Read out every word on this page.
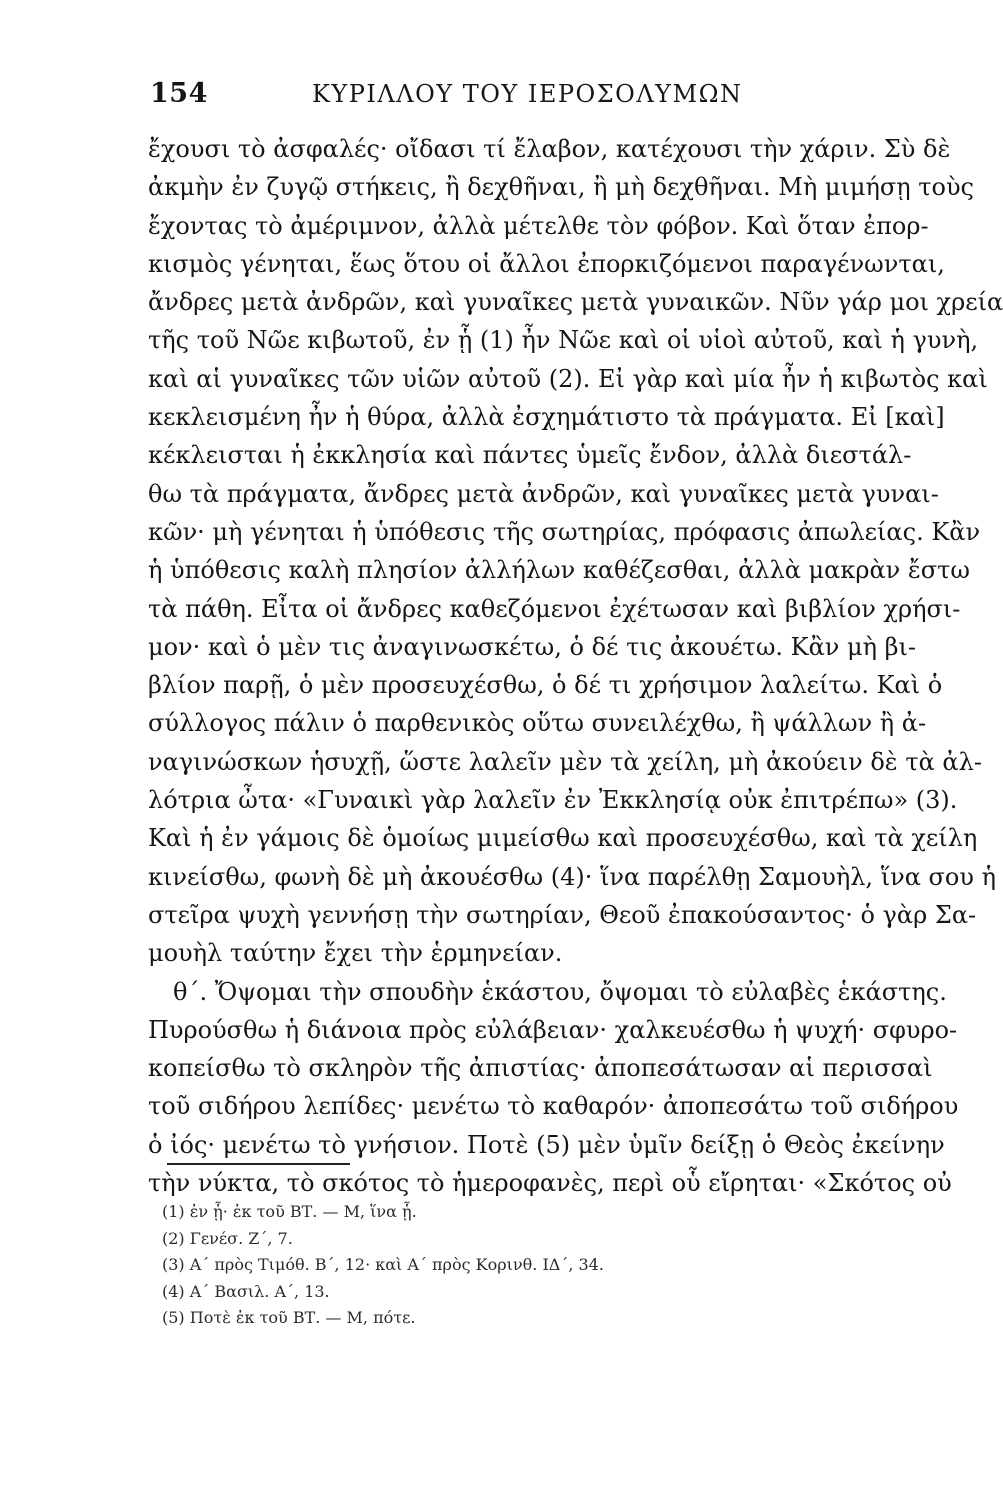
154	ΚΥΡΙΛΛΟΥ ΤΟΥ ΙΕΡΟΣΟΛΥΜΩΝ
ἔχουσι τὸ ἀσφαλές· οἴδασι τί ἔλαβον, κατέχουσι τὴν χάριν. Σὺ δὲ
ἀκμὴν ἐν ζυγῷ στήκεις, ἢ δεχθῆναι, ἢ μὴ δεχθῆναι. Μὴ μιμήσῃ τοὺς
ἔχοντας τὸ ἀμέριμνον, ἀλλὰ μέτελθε τὸν φόβον. Καὶ ὅταν ἐπορ-
κισμὸς γένηται, ἕως ὅτου οἱ ἄλλοι ἐπορκιζόμενοι παραγένωνται,
ἄνδρες μετὰ ἀνδρῶν, καὶ γυναῖκες μετὰ γυναικῶν. Νῦν γάρ μοι χρεία
τῆς τοῦ Νῶε κιβωτοῦ, ἐν ᾗ (1) ἦν Νῶε καὶ οἱ υἱοὶ αὐτοῦ, καὶ ἡ γυνὴ,
καὶ αἱ γυναῖκες τῶν υἱῶν αὐτοῦ (2). Εἰ γὰρ καὶ μία ἦν ἡ κιβωτὸς καὶ
κεκλεισμένη ἦν ἡ θύρα, ἀλλὰ ἐσχημάτιστο τὰ πράγματα. Εἰ [καὶ]
κέκλεισται ἡ ἐκκλησία καὶ πάντες ὑμεῖς ἔνδον, ἀλλὰ διεστάλ-
θω τὰ πράγματα, ἄνδρες μετὰ ἀνδρῶν, καὶ γυναῖκες μετὰ γυναι-
κῶν· μὴ γένηται ἡ ὑπόθεσις τῆς σωτηρίας, πρόφασις ἀπωλείας. Κἂν
ἡ ὑπόθεσις καλὴ πλησίον ἀλλήλων καθέζεσθαι, ἀλλὰ μακρὰν ἔστω
τὰ πάθη. Εἶτα οἱ ἄνδρες καθεζόμενοι ἐχέτωσαν καὶ βιβλίον χρήσι-
μον· καὶ ὁ μὲν τις ἀναγινωσκέτω, ὁ δέ τις ἀκουέτω. Κἂν μὴ βι-
βλίον παρῇ, ὁ μὲν προσευχέσθω, ὁ δέ τι χρήσιμον λαλείτω. Καὶ ὁ
σύλλογος πάλιν ὁ παρθενικὸς οὕτω συνειλέχθω, ἢ ψάλλων ἢ ἀ-
ναγινώσκων ἡσυχῇ, ὥστε λαλεῖν μὲν τὰ χείλη, μὴ ἀκούειν δὲ τὰ ἀλ-
λότρια ὦτα· «Γυναικὶ γὰρ λαλεῖν ἐν Ἐκκλησίᾳ οὐκ ἐπιτρέπω» (3).
Καὶ ἡ ἐν γάμοις δὲ ὁμοίως μιμείσθω καὶ προσευχέσθω, καὶ τὰ χείλη
κινείσθω, φωνὴ δὲ μὴ ἀκουέσθω (4)· ἵνα παρέλθῃ Σαμουὴλ, ἵνα σου ἡ
στεῖρα ψυχὴ γεννήσῃ τὴν σωτηρίαν, Θεοῦ ἐπακούσαντος· ὁ γὰρ Σα-
μουὴλ ταύτην ἔχει τὴν ἑρμηνείαν.
θ΄. Ὄψομαι τὴν σπουδὴν ἑκάστου, ὄψομαι τὸ εὐλαβὲς ἑκάστης.
Πυρούσθω ἡ διάνοια πρὸς εὐλάβειαν· χαλκευέσθω ἡ ψυχή· σφυρο-
κοπείσθω τὸ σκληρὸν τῆς ἀπιστίας· ἀποπεσάτωσαν αἱ περισσαὶ
τοῦ σιδήρου λεπίδες· μενέτω τὸ καθαρόν· ἀποπεσάτω τοῦ σιδήρου
ὁ ἰός· μενέτω τὸ γνήσιον. Ποτὲ (5) μὲν ὑμῖν δείξῃ ὁ Θεὸς ἐκείνην
τὴν νύκτα, τὸ σκότος τὸ ἡμεροφανὲς, περὶ οὗ εἴρηται· «Σκότος οὐ
(1) ἐν ᾗ· ἐκ τοῦ ΒΤ. — Μ, ἵνα ᾗ.
(2) Γενέσ. Ζ΄, 7.
(3) Α΄ πρὸς Τιμόθ. Β΄, 12· καὶ Α΄ πρὸς Κορινθ. ΙΔ΄, 34.
(4) Α΄ Βασιλ. Α΄, 13.
(5) Ποτὲ ἐκ τοῦ ΒΤ. — Μ, πότε.
